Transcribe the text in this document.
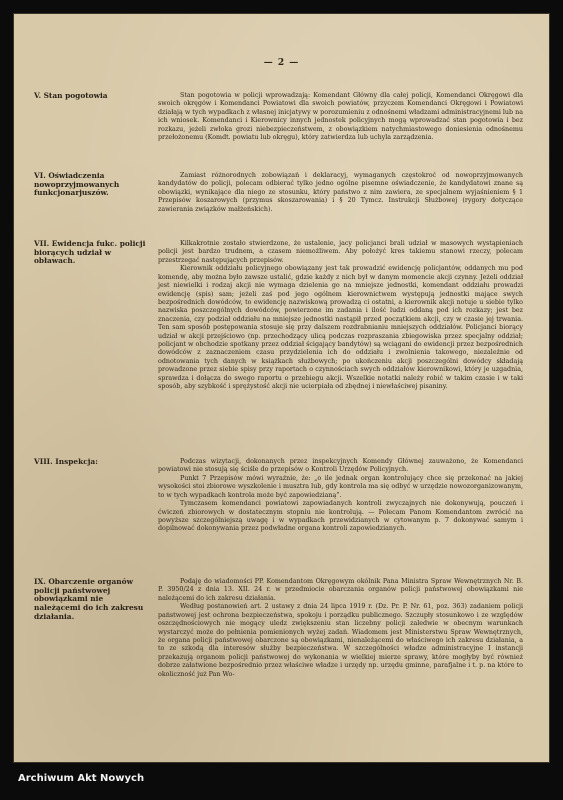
— 2 —
V. Stan pogotowia	Stan pogotowia w policji wprowadzają: Komendant Główny dla całej policji, Komendanci Okręgowi dla swoich okręgów i Komendanci Powiatowi dla swoich powiatów, przyczem Komendanci Okręgowi i Powiatowi działają w tych wypadkach z własnej inicjatywy w porozumieniu z odnośnemi władzami administracyjnemi lub na ich wniosek. Komendanci i Kierownicy innych jednostek policyjnych mogą wprowadzać stan pogotowia i bez rozkazu, jeżeli zwłoka grozi niebezpieczeństwem, z obowiązkiem natychmiastowego doniesienia odnośnemu przełożonemu (Komdt. powiatu lub okręgu), który zatwierdza lub uchyla zarządzenia.

VI. Oświadczenia nowoprzyjmowanych funkcjonarjuszów.

Zamiast różnorodnych zobowiązań i deklaracyj, wymaganych częstokroć od nowoprzyjmowanych kandydatów do policji, polecam odbierać tylko jedno ogólne pisemne oświadczenie, że kandydatowi znane są obowiązki, wynikające dla niego ze stosunku, który państwo z nim zawiera, ze specjalnem wyjaśnieniem § 1 Przepisów koszarowych (przymus skoszarowania) i § 20 Tymcz. Instrukcji Służbowej (rygory dotyczące zawierania związków małżeńskich).

VII. Ewidencja fukc. policji biorących udział w obławach.

Kilkakrotnie zostało stwierdzone, że ustalenie, jacy policjanci brali udział w masowych wystąpieniach policji jest bardzo trudnem, a czasem niemożliwem. Aby położyć kres takiemu stanowi rzeczy, polecam przestrzegać następujących przepisów.

Kierownik oddziału policyjnego obowiązany jest tak prowadzić ewidencję policjantów, oddanych mu pod komendę, aby można było zawsze ustalić, gdzie każdy z nich był w danym momencie akcji czynny. Jeżeli oddział jest niewielki i rodzaj akcji nie wymaga dzielenia go na mniejsze jednostki, komendant oddziału prowadzi ewidencję (spis) sam; jeżeli zaś pod jego ogólnem kierownictwem występują jednostki mające swych bezpośrednich dowódców, to ewidencję nazwiskową prowadzą ci ostatni, a kierownik akcji notuje u siebie tylko nazwiska poszczególnych dowódców, powierzone im zadania i ilość ludzi oddaną pod ich rozkazy; jest bez znaczenia, czy podział oddziału na mniejsze jednostki nastąpił przed początkiem akcji, czy w czasie jej trwania. Ten sam sposób postępowania stosuje się przy dalszem rozdrabnianiu mniejszych oddziałów. Policjanci biorący udział w akcji przejściowo (np. przechodzący ulicą podczas rozpraszania zbiegowiska przez specjalny oddział; policjant w obchodzie spotkany przez oddział ścigający bandytów) są wciągani do ewidencji przez bezpośrednich dowódców z zaznaczeniem czasu przydzielenia ich do oddziału i zwolnienia takowego, niezależnie od odnotowania tych danych w książkach służbowych; po ukończeniu akcji poszczególni dowódcy składają prowadzone przez siebie spisy przy raportach o czynnościach swych oddziałów kierownikowi, który je uzgadnia, sprawdza i dołącza do swego raportu o przebiegu akcji. Wszelkie notatki należy robić w takim czasie i w taki sposób, aby szybkość i sprężystość akcji nie ucierpiała od zbędnej i niewłaściwej pisaniny.

VIII. Inspekcja:	Podczas wizytacji, dokonanych przez inspekcyjnych Komendy Głównej zauważono, że Komendanci powiatowi nie stosują się ściśle do przepisów o Kontroli Urzędów Policyjnych.

Punkt 7 Przepisów mówi wyraźnie, że: „o ile jednak organ kontrolujący chce się przekonać na jakiej wysokości stoi zbiorowe wyszkolenie i musztra lub, gdy kontrola ma się odbyć w urzędzie nowozorganizowanym, to w tych wypadkach kontrola może być zapowiedzianą”.

Tymczasem komendanci powiatowi zapowiadanych kontroli zwyczajnych nie dokonywują, pouczeń i ćwiczeń zbiorowych w dostatecznym stopniu nie kontrolują. — Polecam Panom Komendantom zwrócić na powyższe szczególniejszą uwagę i w wypadkach przewidzianych w cytowanym p. 7 dokonywać samym i dopilnować dokonywania przez podwładne organa kontroli zapowiedzianych.

IX. Obarczenie organów policji państwowej obowiązkami nie należącemi do ich zakresu działania.

Podaję do wiadomości PP. Komendantom Okręgowym okólnik Pana Ministra Spraw Wewnętrznych Nr. B. P. 3950/24 z dnia 13. XII. 24 r. w przedmiocie obarczania organów policji państwowej obowiązkami nie należącemi do ich zakresu działania.

Według postanowień art. 2 ustawy z dnia 24 lipca 1919 r. (Dz. Pr. P. Nr. 61, poz. 363) zadaniem policji państwowej jest ochrona bezpieczeństwa, spokoju i porządku publicznego. Szczupły stosunkowo i ze względów oszczędnościowych nie mogący uledz zwiększeniu stan liczebny policji zaledwie w obecnym warunkach wystarczyć może do pełnienia pomienionych wyżej zadań. Wiadomem jest Ministerstwu Spraw Wewnętrznych, że organa policji państwowej obarczone są obowiązkami, nienależącemi do właściwego ich zakresu działania, a to ze szkodą dla interesów służby bezpieczeństwa. W szczególności władze administracyjne I instancji przekazują organom policji państwowej do wykonania w wielkiej mierze sprawy, które mogłyby być również dobrze załatwione bezpośrednio przez właściwe władze i urzędy np. urzędu gminne, parafjalne i t. p. na które to okoliczność już Pan Wo-

Archiwum Akt Nowych
